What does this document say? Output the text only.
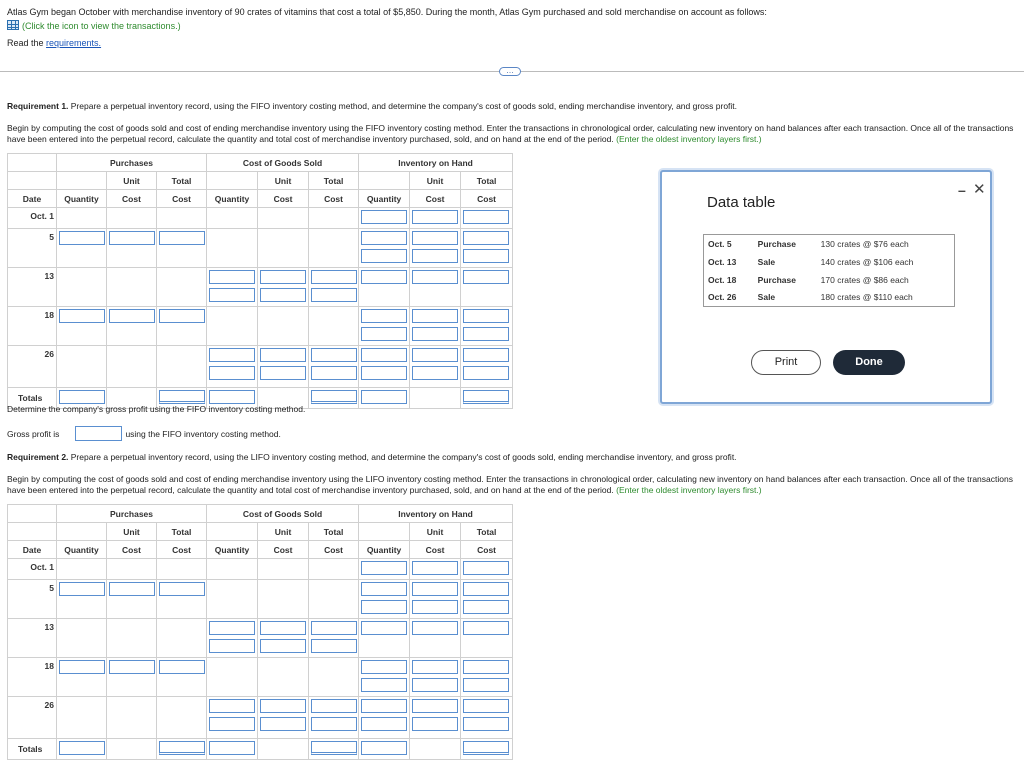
Atlas Gym began October with merchandise inventory of 90 crates of vitamins that cost a total of $5,850. During the month, Atlas Gym purchased and sold merchandise on account as follows:
(Click the icon to view the transactions.)
Read the requirements.
…
Requirement 1. Prepare a perpetual inventory record, using the FIFO inventory costing method, and determine the company's cost of goods sold, ending merchandise inventory, and gross profit.
Begin by computing the cost of goods sold and cost of ending merchandise inventory using the FIFO inventory costing method. Enter the transactions in chronological order, calculating new inventory on hand balances after each transaction. Once all of the transactions have been entered into the perpetual record, calculate the quantity and total cost of merchandise inventory purchased, sold, and on hand at the end of the period. (Enter the oldest inventory layers first.)
	Purchases			Cost of Goods Sold			Inventory on Hand		
		Unit	Total		Unit	Total		Unit	Total
Date	Quantity	Cost	Cost	Quantity	Cost	Cost	Quantity	Cost	Cost
Oct. 1							

5	

13				

18	

26				

Totals	

Determine the company's gross profit using the FIFO inventory costing method.
Gross profit is	using the FIFO inventory costing method.
Requirement 2. Prepare a perpetual inventory record, using the LIFO inventory costing method, and determine the company's cost of goods sold, ending merchandise inventory, and gross profit.
Begin by computing the cost of goods sold and cost of ending merchandise inventory using the LIFO inventory costing method. Enter the transactions in chronological order, calculating new inventory on hand balances after each transaction. Once all of the transactions have been entered into the perpetual record, calculate the quantity and total cost of merchandise inventory purchased, sold, and on hand at the end of the period. (Enter the oldest inventory layers first.)
	Purchases			Cost of Goods Sold			Inventory on Hand		
		Unit	Total		Unit	Total		Unit	Total
Date	Quantity	Cost	Cost	Quantity	Cost	Cost	Quantity	Cost	Cost
Oct. 1							

5	

13				

18	

26				

Totals	

Data table
– ✕
Oct. 5	Purchase	130 crates @ $76 each
Oct. 13	Sale	140 crates @ $106 each
Oct. 18	Purchase	170 crates @ $86 each
Oct. 26	Sale	180 crates @ $110 each
Print	Done
